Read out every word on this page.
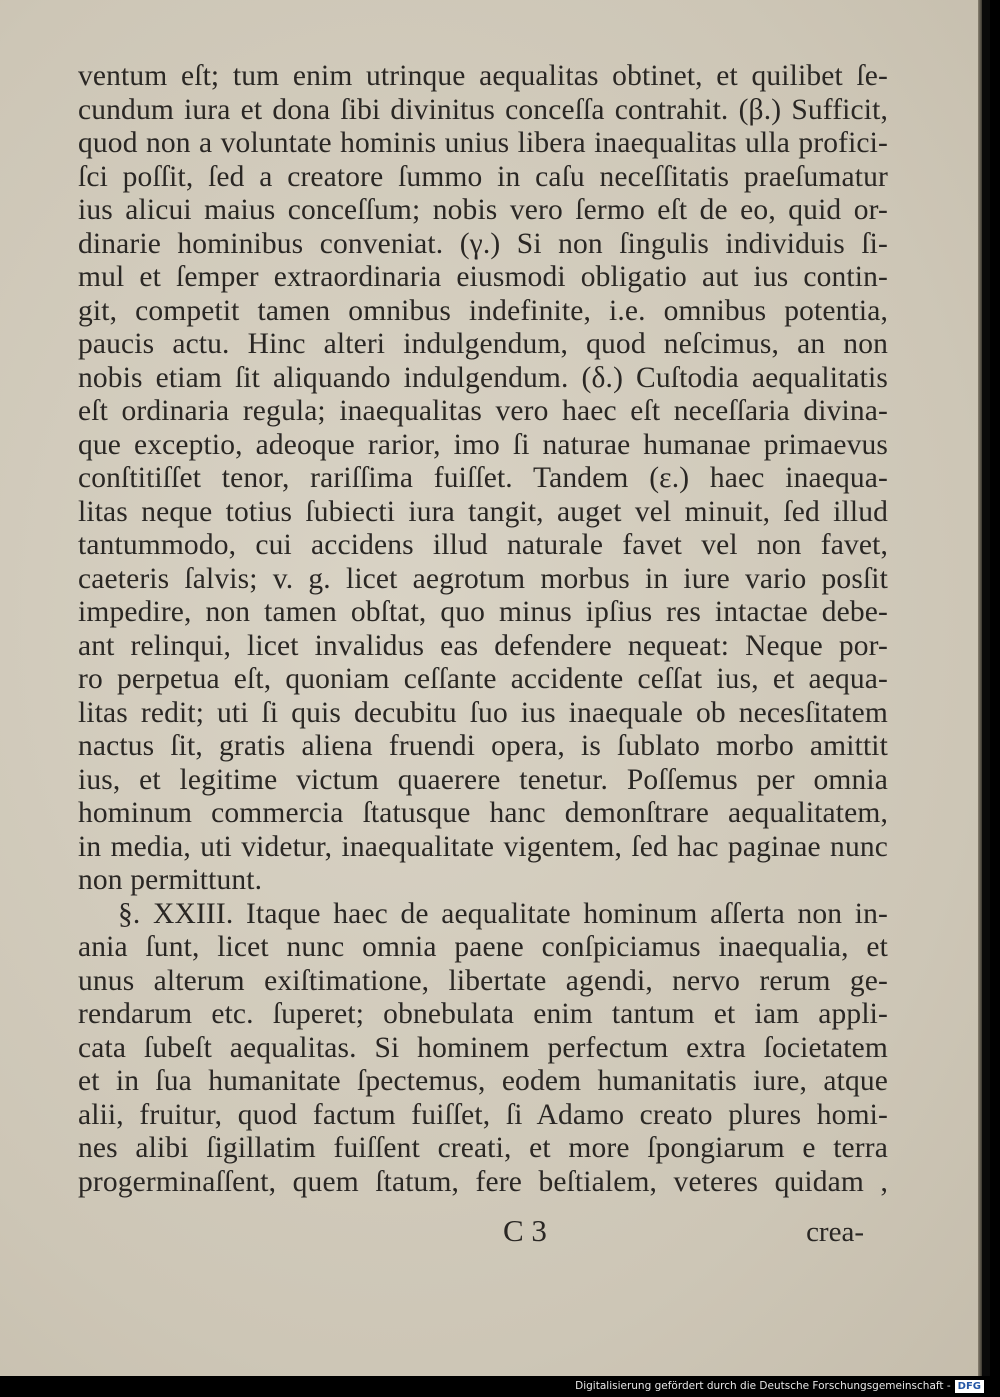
ventum eſt; tum enim utrinque aequalitas obtinet, et quilibet ſe-
cundum iura et dona ſibi divinitus conceſſa contrahit. (β.) Sufficit,
quod non a voluntate hominis unius libera inaequalitas ulla profici-
ſci poſſit, ſed a creatore ſummo in caſu neceſſitatis praeſumatur
ius alicui maius conceſſum; nobis vero ſermo eſt de eo, quid or-
dinarie hominibus conveniat. (γ.) Si non ſingulis individuis ſi-
mul et ſemper extraordinaria eiusmodi obligatio aut ius contin-
git, competit tamen omnibus indefinite, i.e. omnibus potentia,
paucis actu. Hinc alteri indulgendum, quod neſcimus, an non
nobis etiam ſit aliquando indulgendum. (δ.) Cuſtodia aequalitatis
eſt ordinaria regula; inaequalitas vero haec eſt neceſſaria divina-
que exceptio, adeoque rarior, imo ſi naturae humanae primaevus
conſtitiſſet tenor, rariſſima fuiſſet. Tandem (ε.) haec inaequa-
litas neque totius ſubiecti iura tangit, auget vel minuit, ſed illud
tantummodo, cui accidens illud naturale favet vel non favet,
caeteris ſalvis; v. g. licet aegrotum morbus in iure vario posſit
impedire, non tamen obſtat, quo minus ipſius res intactae debe-
ant relinqui, licet invalidus eas defendere nequeat: Neque por-
ro perpetua eſt, quoniam ceſſante accidente ceſſat ius, et aequa-
litas redit; uti ſi quis decubitu ſuo ius inaequale ob necesſitatem
nactus ſit, gratis aliena fruendi opera, is ſublato morbo amittit
ius, et legitime victum quaerere tenetur. Poſſemus per omnia
hominum commercia ſtatusque hanc demonſtrare aequalitatem,
in media, uti videtur, inaequalitate vigentem, ſed hac paginae nunc
non permittunt.
§. XXIII. Itaque haec de aequalitate hominum aſſerta non in-
ania ſunt, licet nunc omnia paene conſpiciamus inaequalia, et
unus alterum exiſtimatione, libertate agendi, nervo rerum ge-
rendarum etc. ſuperet; obnebulata enim tantum et iam appli-
cata ſubeſt aequalitas. Si hominem perfectum extra ſocietatem
et in ſua humanitate ſpectemus, eodem humanitatis iure, atque
alii, fruitur, quod factum fuiſſet, ſi Adamo creato plures homi-
nes alibi ſigillatim fuiſſent creati, et more ſpongiarum e terra
progerminaſſent, quem ſtatum, fere beſtialem, veteres quidam ,
C 3	crea-
Digitalisierung gefördert durch die Deutsche Forschungsgemeinschaft - DFG
